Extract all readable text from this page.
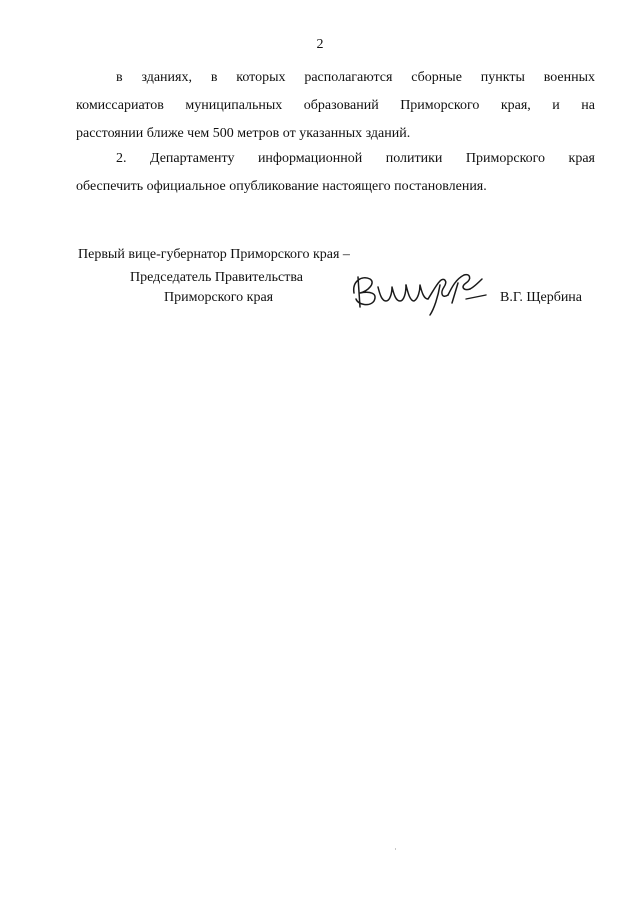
2
в зданиях, в которых располагаются сборные пункты военных
комиссариатов муниципальных образований Приморского края, и на
расстоянии ближе чем 500 метров от указанных зданий.
2. Департаменту информационной политики Приморского края
обеспечить официальное опубликование настоящего постановления.
Первый вице-губернатор Приморского края –
Председатель Правительства
Приморского края	В.Г. Щербина
